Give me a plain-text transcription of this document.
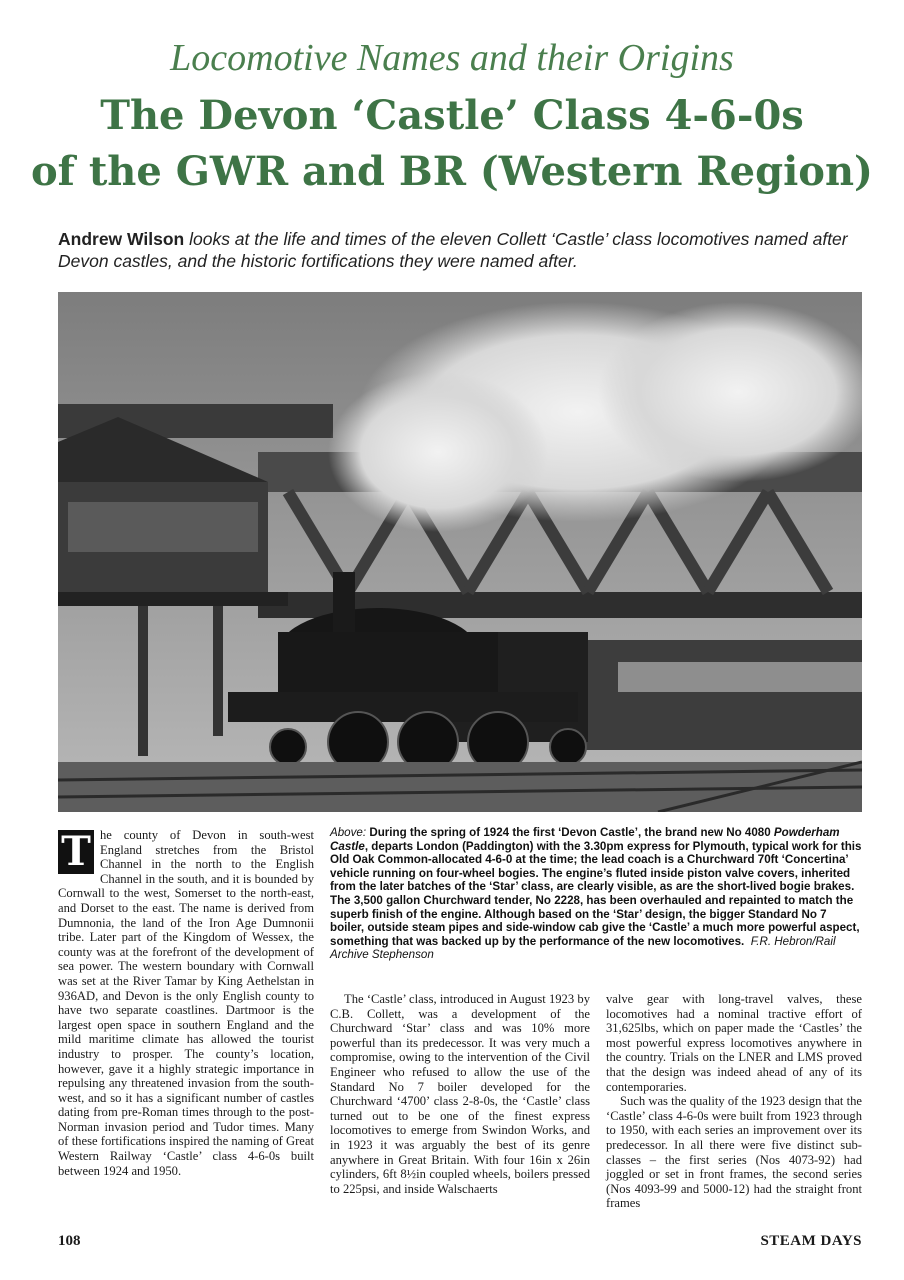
Locomotive Names and their Origins
The Devon ‘Castle’ Class 4-6-0s
of the GWR and BR (Western Region)
Andrew Wilson looks at the life and times of the eleven Collett ‘Castle’ class locomotives named after Devon castles, and the historic fortifications they were named after.
Above: During the spring of 1924 the first ‘Devon Castle’, the brand new No 4080 Powderham Castle, departs London (Paddington) with the 3.30pm express for Plymouth, typical work for this Old Oak Common-allocated 4-6-0 at the time; the lead coach is a Churchward 70ft ‘Concertina’ vehicle running on four-wheel bogies. The engine’s fluted inside piston valve covers, inherited from the later batches of the ‘Star’ class, are clearly visible, as are the short-lived bogie brakes. The 3,500 gallon Churchward tender, No 2228, has been overhauled and repainted to match the superb finish of the engine. Although based on the ‘Star’ design, the bigger Standard No 7 boiler, outside steam pipes and side-window cab give the ‘Castle’ a much more powerful aspect, something that was backed up by the performance of the new locomotives. F.R. Hebron/Rail Archive Stephenson
T he county of Devon in south-west England stretches from the Bristol Channel in the north to the English Channel in the south, and it is bounded by Cornwall to the west, Somerset to the north-east, and Dorset to the east. The name is derived from Dumnonia, the land of the Iron Age Dumnonii tribe. Later part of the Kingdom of Wessex, the county was at the forefront of the development of sea power. The western boundary with Cornwall was set at the River Tamar by King Aethelstan in 936AD, and Devon is the only English county to have two separate coastlines. Dartmoor is the largest open space in southern England and the mild maritime climate has allowed the tourist industry to prosper. The county’s location, however, gave it a highly strategic importance in repulsing any threatened invasion from the south-west, and so it has a significant number of castles dating from pre-Roman times through to the post-Norman invasion period and Tudor times. Many of these fortifications inspired the naming of Great Western Railway ‘Castle’ class 4-6-0s built between 1924 and 1950.

The ‘Castle’ class, introduced in August 1923 by C.B. Collett, was a development of the Churchward ‘Star’ class and was 10% more powerful than its predecessor. It was very much a compromise, owing to the intervention of the Civil Engineer who refused to allow the use of the Standard No 7 boiler developed for the Churchward ‘4700’ class 2-8-0s, the ‘Castle’ class turned out to be one of the finest express locomotives to emerge from Swindon Works, and in 1923 it was arguably the best of its genre anywhere in Great Britain. With four 16in x 26in cylinders, 6ft 8½in coupled wheels, boilers pressed to 225psi, and inside Walschaerts

valve gear with long-travel valves, these locomotives had a nominal tractive effort of 31,625lbs, which on paper made the ‘Castles’ the most powerful express locomotives anywhere in the country. Trials on the LNER and LMS proved that the design was indeed ahead of any of its contemporaries.

Such was the quality of the 1923 design that the ‘Castle’ class 4-6-0s were built from 1923 through to 1950, with each series an improvement over its predecessor. In all there were five distinct sub-classes – the first series (Nos 4073-92) had joggled or set in front frames, the second series (Nos 4093-99 and 5000-12) had the straight front frames

108	STEAM DAYS
